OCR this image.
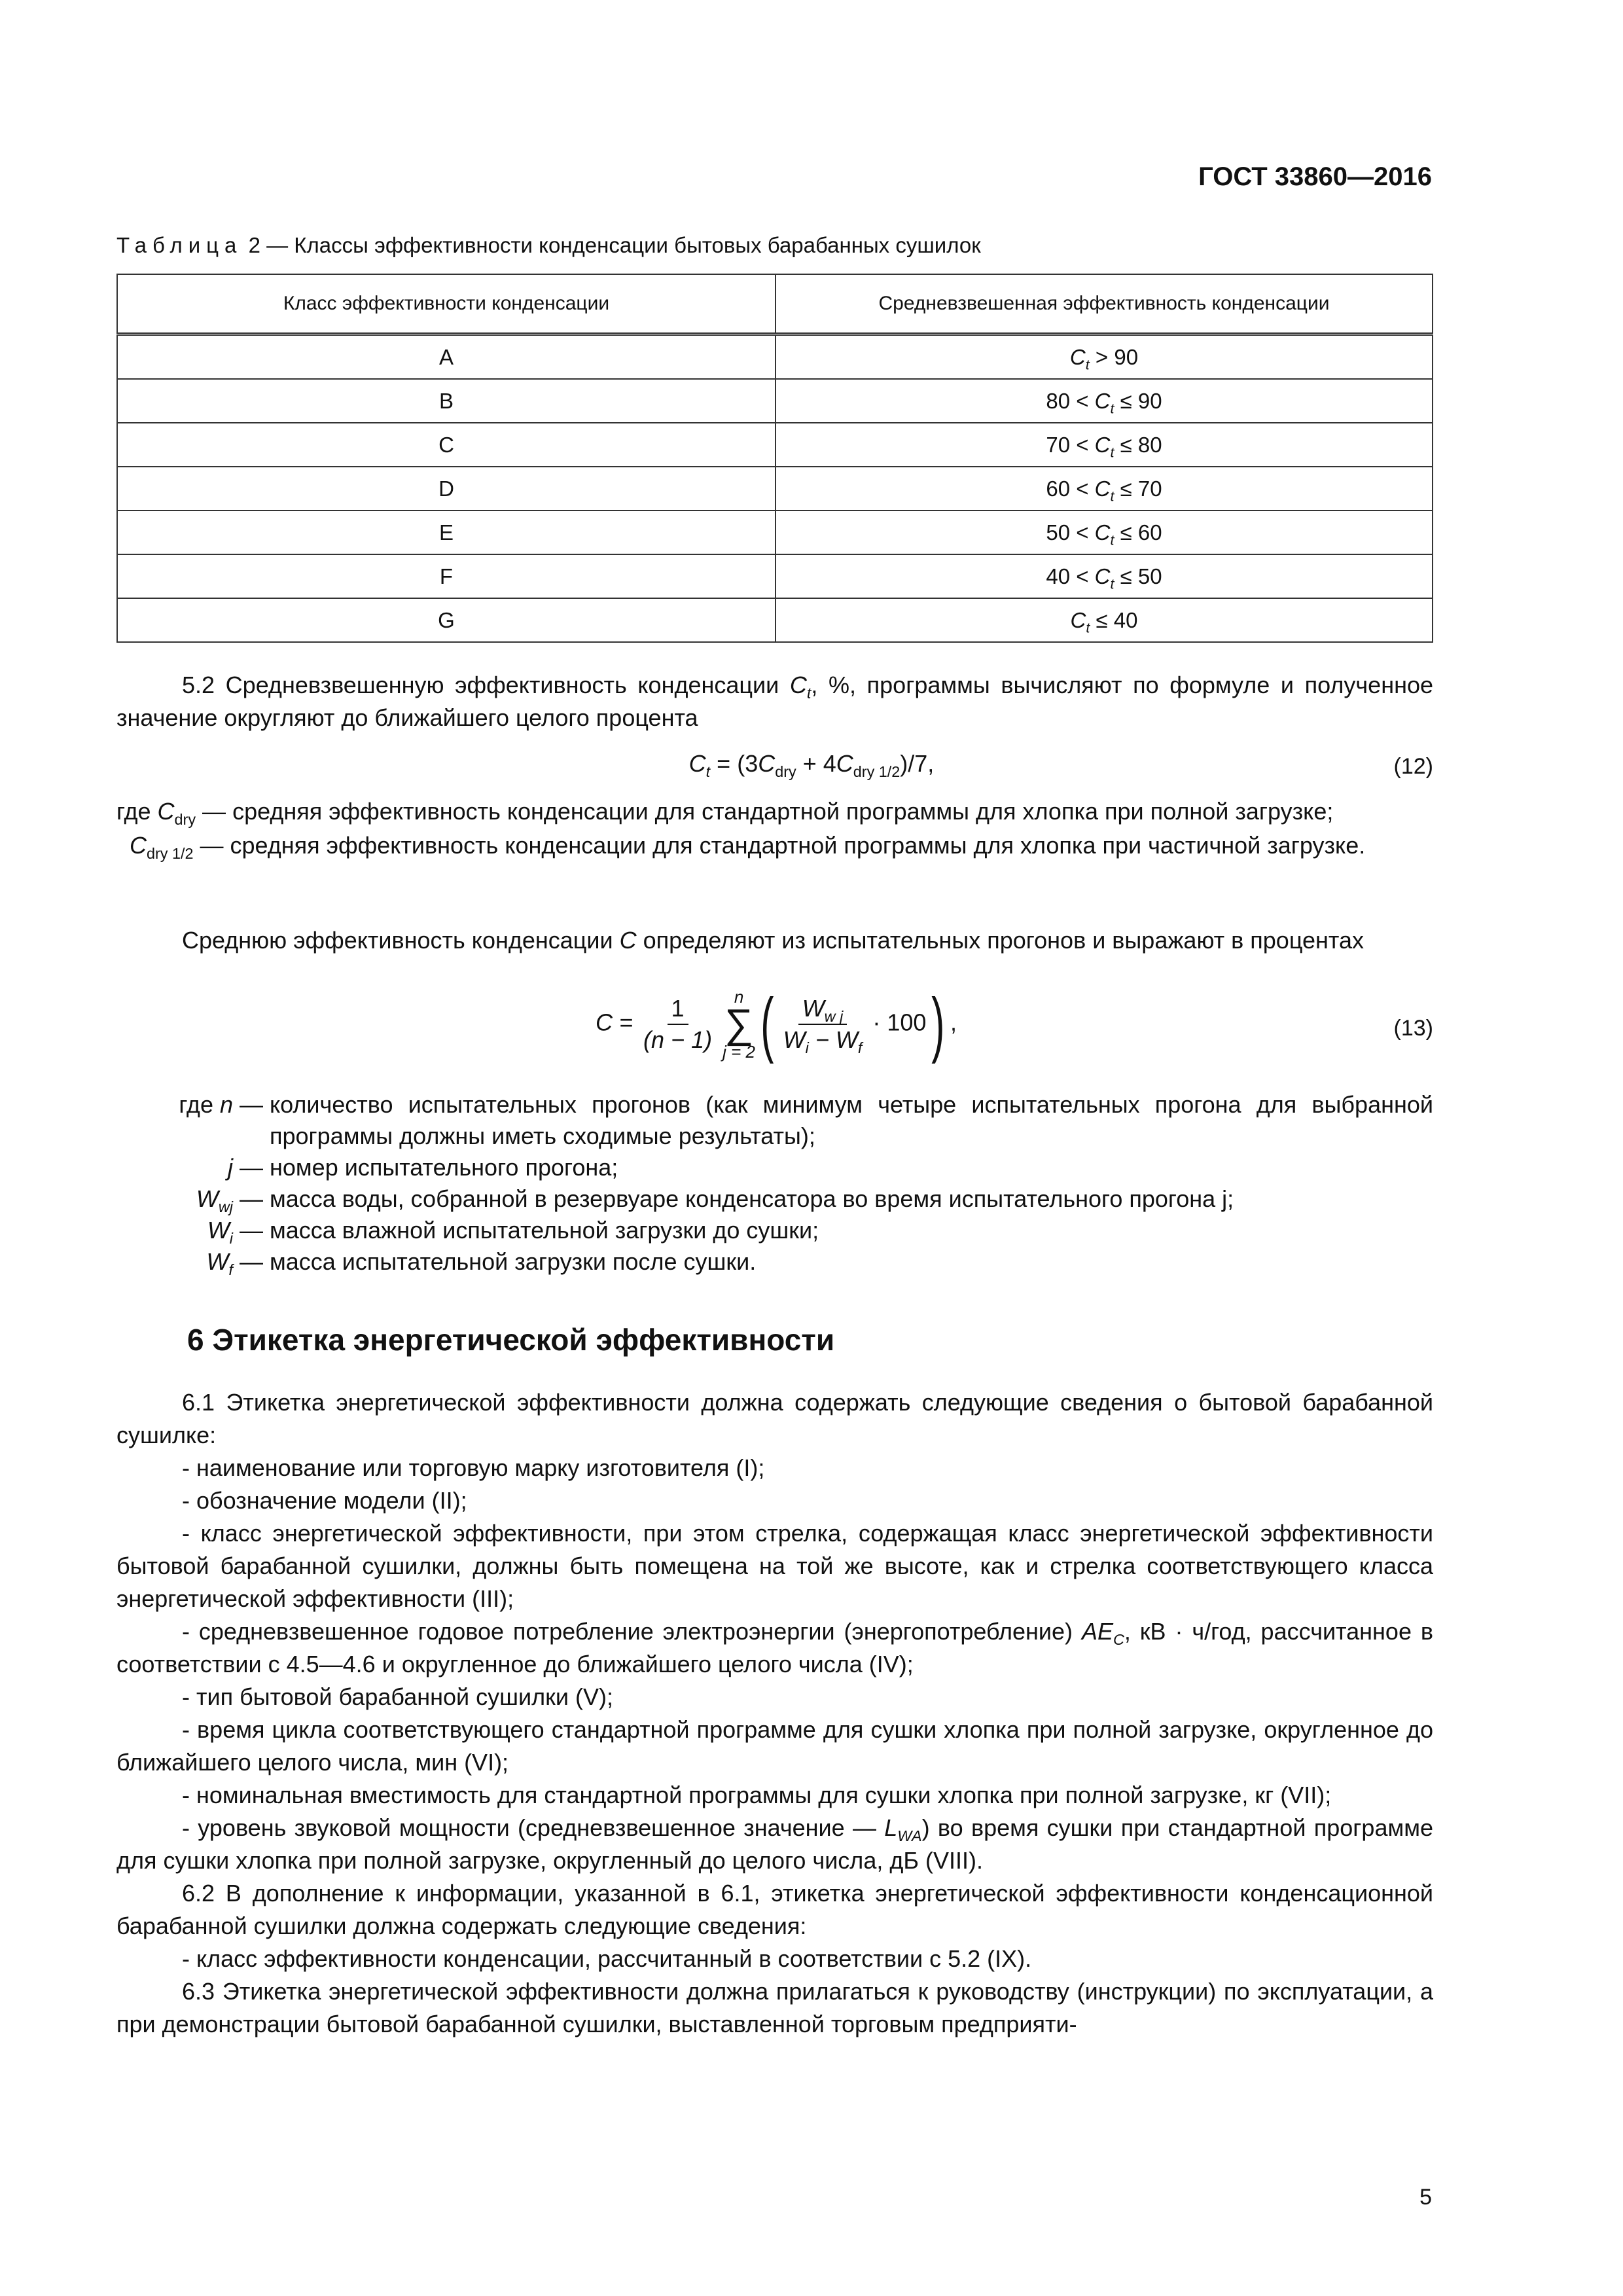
ГОСТ 33860—2016
Таблица 2 — Классы эффективности конденсации бытовых барабанных сушилок
Класс эффективности конденсации	Средневзвешенная эффективность конденсации
A	$C_t > 90$
B	$80 < C_t \le 90$
C	$70 < C_t \le 80$
D	$60 < C_t \le 70$
E	$50 < C_t \le 60$
F	$40 < C_t \le 50$
G	$C_t \le 40$
5.2 Средневзвешенную эффективность конденсации $C_t$, %, программы вычисляют по формуле и полученное значение округляют до ближайшего целого процента
$C_t = (3C_{dry} + 4C_{dry 1/2})/7$,	(12)
где $C_{dry}$ — средняя эффективность конденсации для стандартной программы для хлопка при полной загрузке;
$C_{dry 1/2}$ — средняя эффективность конденсации для стандартной программы для хлопка при частичной загрузке.
Среднюю эффективность конденсации C определяют из испытательных прогонов и выражают в процентах
$C = \frac{1}{(n - 1)}$
n
∑
j = 2 ( $\frac{W_{w j}}{W_i - W_f} \cdot 100$) ,	(13)
где n — количество испытательных прогонов (как минимум четыре испытательных прогона для выбранной программы должны иметь сходимые результаты);
j — номер испытательного прогона;
$W_{wj}$ — масса воды, собранной в резервуаре конденсатора во время испытательного прогона j;
$W_i$ — масса влажной испытательной загрузки до сушки;
$W_f$ — масса испытательной загрузки после сушки.
6 Этикетка энергетической эффективности
6.1 Этикетка энергетической эффективности должна содержать следующие сведения о бытовой барабанной сушилке:
- наименование или торговую марку изготовителя (I);
- обозначение модели (II);
- класс энергетической эффективности, при этом стрелка, содержащая класс энергетической эффективности бытовой барабанной сушилки, должны быть помещена на той же высоте, как и стрелка соответствующего класса энергетической эффективности (III);
- средневзвешенное годовое потребление электроэнергии (энергопотребление) $AE_C$, кВ · ч/год, рассчитанное в соответствии с 4.5—4.6 и округленное до ближайшего целого числа (IV);
- тип бытовой барабанной сушилки (V);
- время цикла соответствующего стандартной программе для сушки хлопка при полной загрузке, округленное до ближайшего целого числа, мин (VI);
- номинальная вместимость для стандартной программы для сушки хлопка при полной загрузке, кг (VII);
- уровень звуковой мощности (средневзвешенное значение — $L_{WA}$) во время сушки при стандартной программе для сушки хлопка при полной загрузке, округленный до целого числа, дБ (VIII).
6.2 В дополнение к информации, указанной в 6.1, этикетка энергетической эффективности конденсационной барабанной сушилки должна содержать следующие сведения:
- класс эффективности конденсации, рассчитанный в соответствии с 5.2 (IX).
6.3 Этикетка энергетической эффективности должна прилагаться к руководству (инструкции) по эксплуатации, а при демонстрации бытовой барабанной сушилки, выставленной торговым предприяти-
5
